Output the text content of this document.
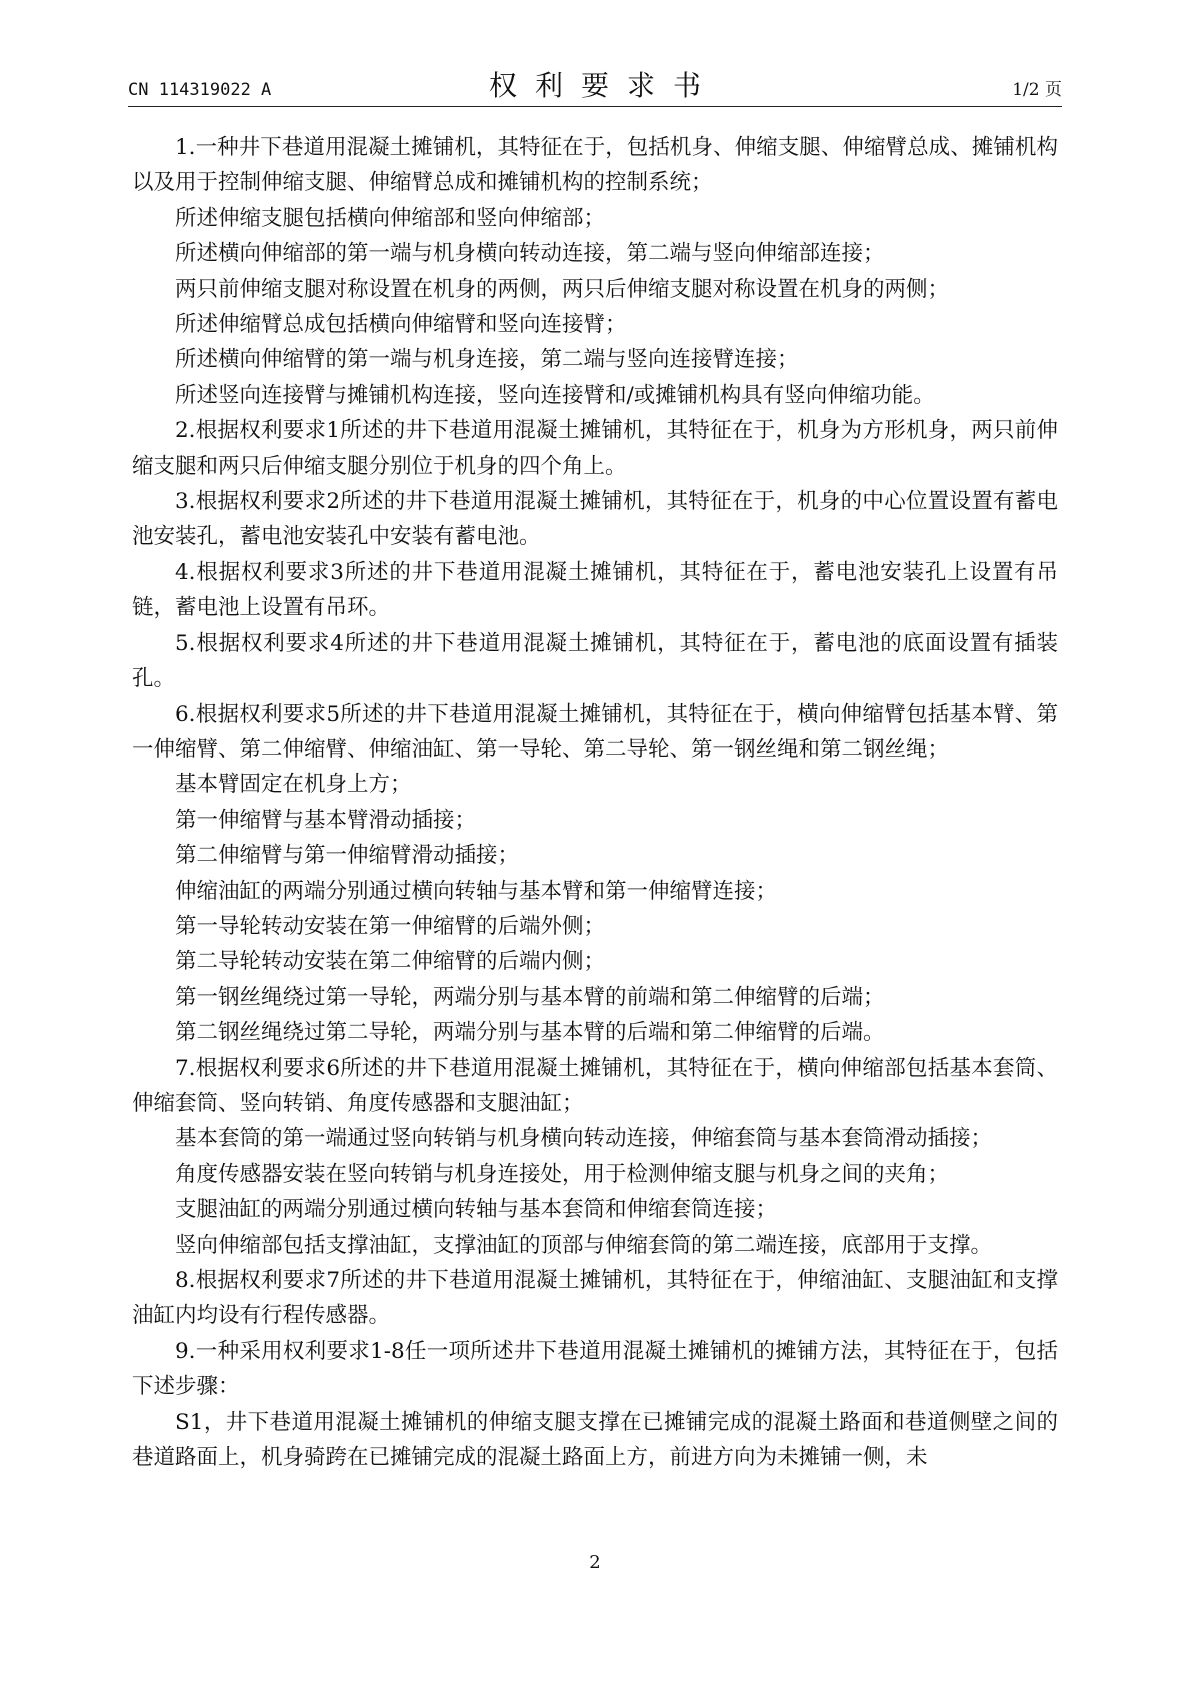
CN 114319022 A	权利要求书	1/2 页

1.一种井下巷道用混凝土摊铺机，其特征在于，包括机身、伸缩支腿、伸缩臂总成、摊铺机构以及用于控制伸缩支腿、伸缩臂总成和摊铺机构的控制系统；

所述伸缩支腿包括横向伸缩部和竖向伸缩部；

所述横向伸缩部的第一端与机身横向转动连接，第二端与竖向伸缩部连接；

两只前伸缩支腿对称设置在机身的两侧，两只后伸缩支腿对称设置在机身的两侧；

所述伸缩臂总成包括横向伸缩臂和竖向连接臂；

所述横向伸缩臂的第一端与机身连接，第二端与竖向连接臂连接；

所述竖向连接臂与摊铺机构连接，竖向连接臂和/或摊铺机构具有竖向伸缩功能。

2.根据权利要求1所述的井下巷道用混凝土摊铺机，其特征在于，机身为方形机身，两只前伸缩支腿和两只后伸缩支腿分别位于机身的四个角上。

3.根据权利要求2所述的井下巷道用混凝土摊铺机，其特征在于，机身的中心位置设置有蓄电池安装孔，蓄电池安装孔中安装有蓄电池。

4.根据权利要求3所述的井下巷道用混凝土摊铺机，其特征在于，蓄电池安装孔上设置有吊链，蓄电池上设置有吊环。

5.根据权利要求4所述的井下巷道用混凝土摊铺机，其特征在于，蓄电池的底面设置有插装孔。

6.根据权利要求5所述的井下巷道用混凝土摊铺机，其特征在于，横向伸缩臂包括基本臂、第一伸缩臂、第二伸缩臂、伸缩油缸、第一导轮、第二导轮、第一钢丝绳和第二钢丝绳；

基本臂固定在机身上方；

第一伸缩臂与基本臂滑动插接；

第二伸缩臂与第一伸缩臂滑动插接；

伸缩油缸的两端分别通过横向转轴与基本臂和第一伸缩臂连接；

第一导轮转动安装在第一伸缩臂的后端外侧；

第二导轮转动安装在第二伸缩臂的后端内侧；

第一钢丝绳绕过第一导轮，两端分别与基本臂的前端和第二伸缩臂的后端；

第二钢丝绳绕过第二导轮，两端分别与基本臂的后端和第二伸缩臂的后端。

7.根据权利要求6所述的井下巷道用混凝土摊铺机，其特征在于，横向伸缩部包括基本套筒、伸缩套筒、竖向转销、角度传感器和支腿油缸；

基本套筒的第一端通过竖向转销与机身横向转动连接，伸缩套筒与基本套筒滑动插接；

角度传感器安装在竖向转销与机身连接处，用于检测伸缩支腿与机身之间的夹角；

支腿油缸的两端分别通过横向转轴与基本套筒和伸缩套筒连接；

竖向伸缩部包括支撑油缸，支撑油缸的顶部与伸缩套筒的第二端连接，底部用于支撑。

8.根据权利要求7所述的井下巷道用混凝土摊铺机，其特征在于，伸缩油缸、支腿油缸和支撑油缸内均设有行程传感器。

9.一种采用权利要求1-8任一项所述井下巷道用混凝土摊铺机的摊铺方法，其特征在于，包括下述步骤：

S1，井下巷道用混凝土摊铺机的伸缩支腿支撑在已摊铺完成的混凝土路面和巷道侧壁之间的巷道路面上，机身骑跨在已摊铺完成的混凝土路面上方，前进方向为未摊铺一侧，未

2
